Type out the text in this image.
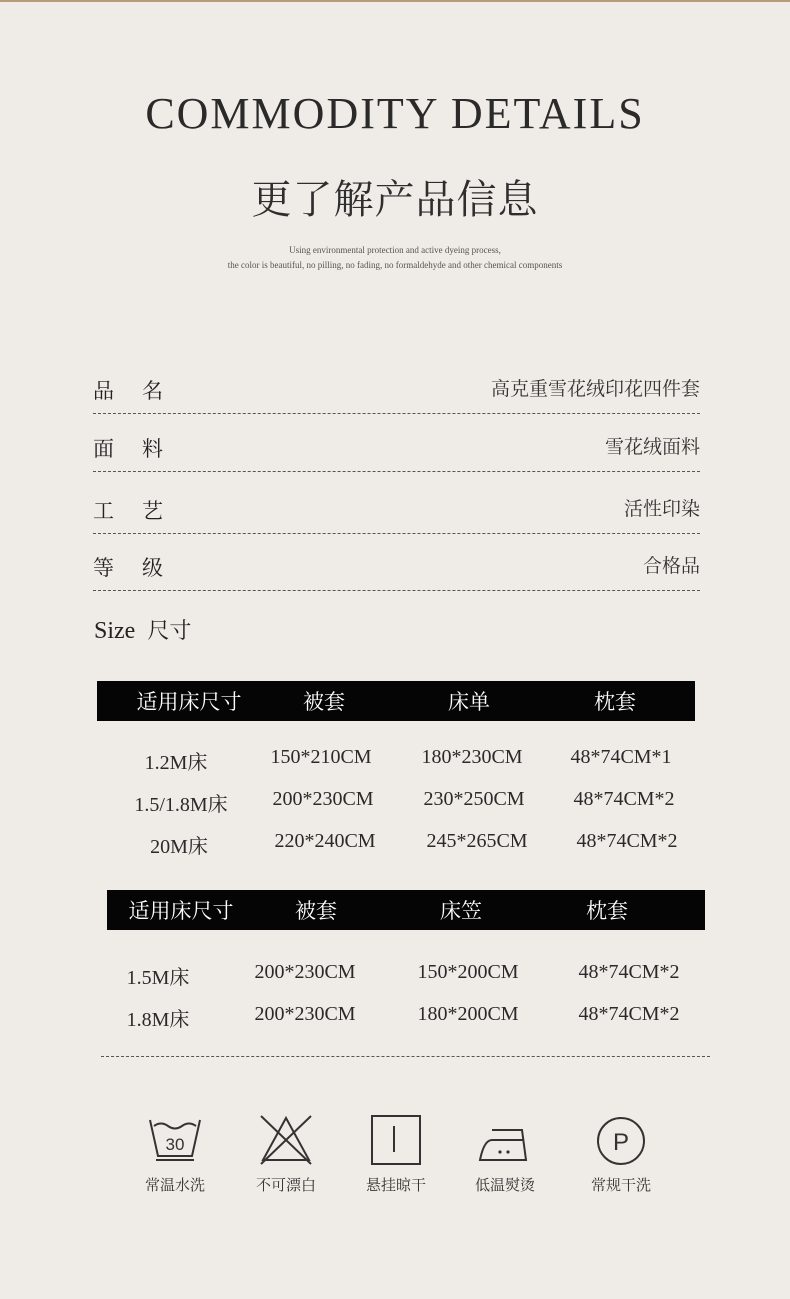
COMMODITY DETAILS
更了解产品信息
Using environmental protection and active dyeing process,
the color is beautiful, no pilling, no fading, no formaldehyde and other chemical components
品名	高克重雪花绒印花四件套
面料	雪花绒面料
工艺	活性印染
等级	合格品
Size 尺寸
适用床尺寸	被套	床单	枕套
1.2M床	150*210CM 180*230CM 48*74CM*1
1.5/1.8M床 200*230CM 230*250CM 48*74CM*2
20M床	220*240CM	245*265CM 48*74CM*2
适用床尺寸	被套	床笠	枕套
1.5M床	200*230CM	150*200CM	48*74CM*2
1.8M床	200*230CM	180*200CM	48*74CM*2
30
常温水洗	不可漂白	悬挂晾干	低温熨烫
P
常规干洗
